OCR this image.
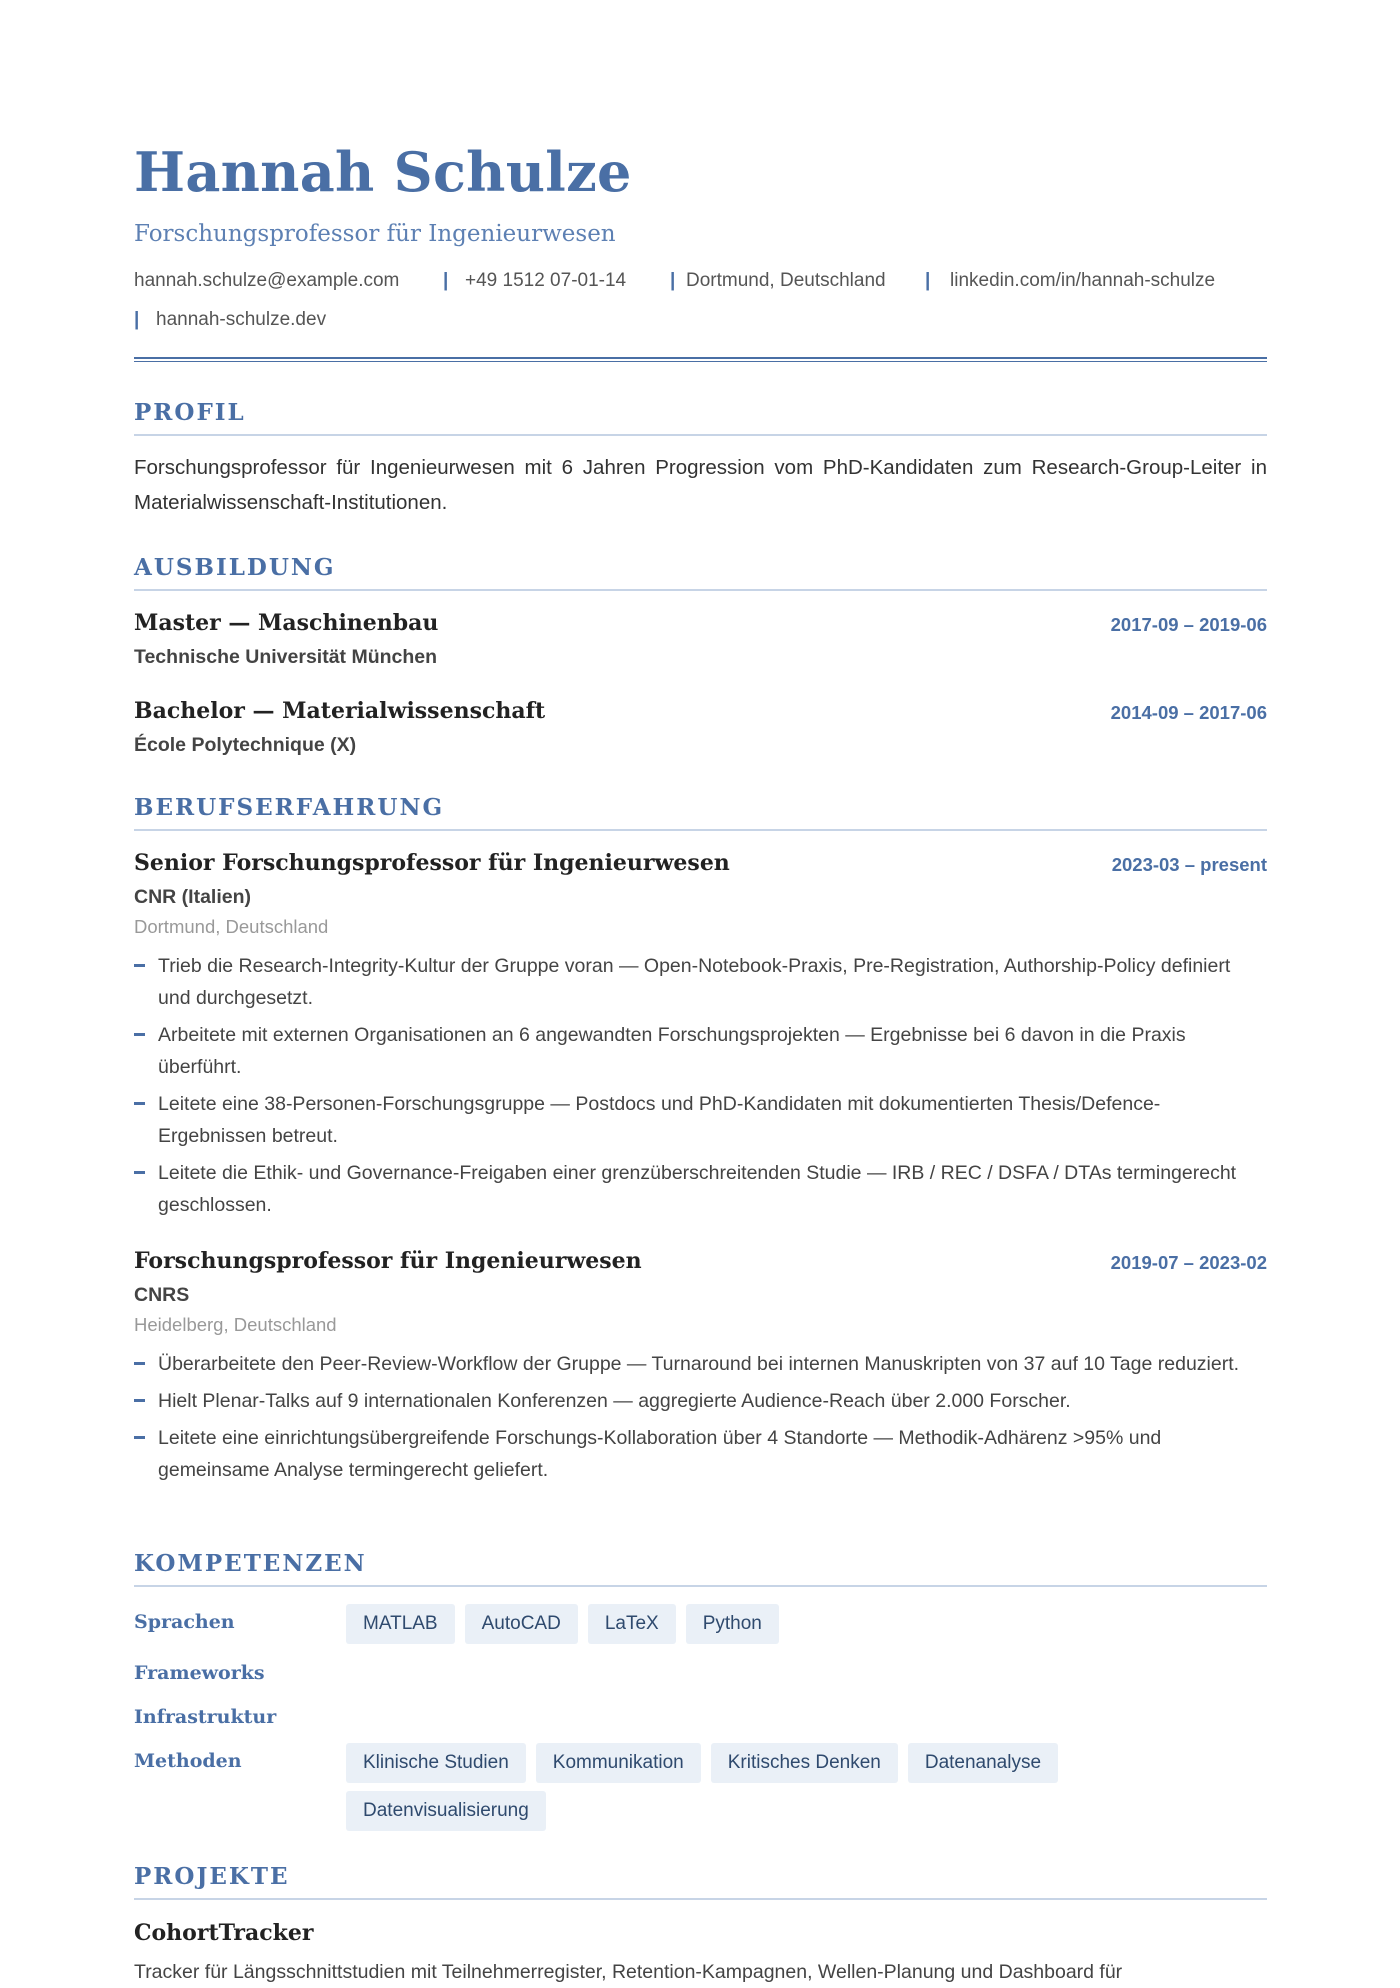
Hannah Schulze
Forschungsprofessor für Ingenieurwesen
hannah.schulze@example.com | +49 1512 07-01-14 | Dortmund, Deutschland | linkedin.com/in/hannah-schulze
| hannah-schulze.dev
PROFIL

Forschungsprofessor für Ingenieurwesen mit 6 Jahren Progression vom PhD-Kandidaten zum Research-Group-Leiter in Materialwissenschaft-Institutionen.

AUSBILDUNG
Master — Maschinenbau	2017-09 – 2019-06
Technische Universität München
Bachelor — Materialwissenschaft	2014-09 – 2017-06
École Polytechnique (X)
BERUFSERFAHRUNG
Senior Forschungsprofessor für Ingenieurwesen	2023-03 – present
CNR (Italien)
Dortmund, Deutschland
Trieb die Research-Integrity-Kultur der Gruppe voran — Open-Notebook-Praxis, Pre-Registration, Authorship-Policy definiert und durchgesetzt.
Arbeitete mit externen Organisationen an 6 angewandten Forschungsprojekten — Ergebnisse bei 6 davon in die Praxis überführt.
Leitete eine 38-Personen-Forschungsgruppe — Postdocs und PhD-Kandidaten mit dokumentierten Thesis/Defence-Ergebnissen betreut.
Leitete die Ethik- und Governance-Freigaben einer grenzüberschreitenden Studie — IRB / REC / DSFA / DTAs termingerecht geschlossen.
Forschungsprofessor für Ingenieurwesen	2019-07 – 2023-02
CNRS
Heidelberg, Deutschland
Überarbeitete den Peer-Review-Workflow der Gruppe — Turnaround bei internen Manuskripten von 37 auf 10 Tage reduziert.
Hielt Plenar-Talks auf 9 internationalen Konferenzen — aggregierte Audience-Reach über 2.000 Forscher.
Leitete eine einrichtungsübergreifende Forschungs-Kollaboration über 4 Standorte — Methodik-Adhärenz >95% und gemeinsame Analyse termingerecht geliefert.
KOMPETENZEN
Sprachen	MATLAB	AutoCAD	LaTeX	Python
Frameworks
Infrastruktur
Methoden	Klinische Studien	Kommunikation	Kritisches Denken	Datenanalyse
Datenvisualisierung
PROJEKTE
CohortTracker
Tracker für Längsschnittstudien mit Teilnehmerregister, Retention-Kampagnen, Wellen-Planung und Dashboard für
